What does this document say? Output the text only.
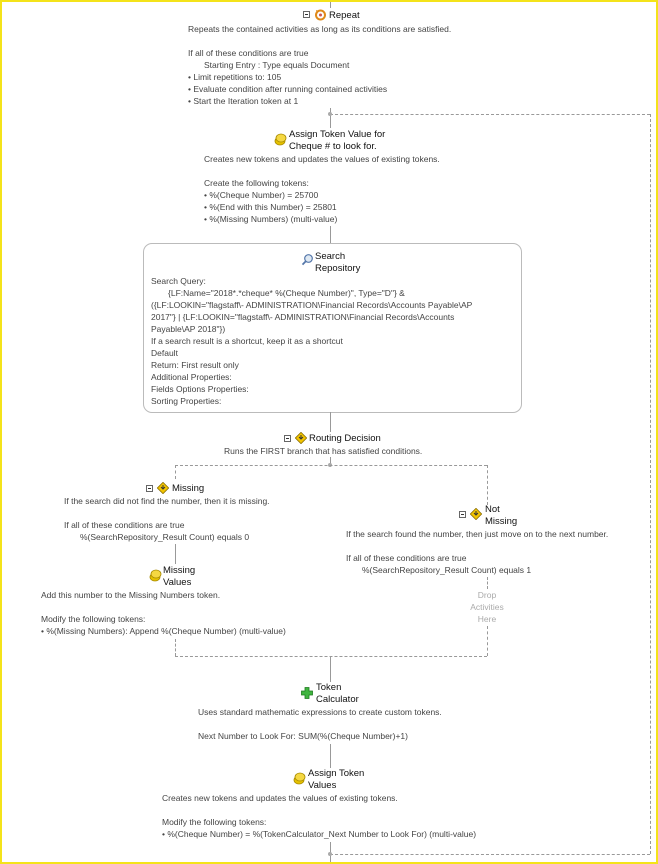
Repeat
Repeats the contained activities as long as its conditions are satisfied.
If all of these conditions are true
Starting Entry : Type equals Document
• Limit repetitions to: 105
• Evaluate condition after running contained activities
• Start the Iteration token at 1
Assign Token Value for
Cheque # to look for.
Creates new tokens and updates the values of existing tokens.
Create the following tokens:
• %(Cheque Number) = 25700
• %(End with this Number) = 25801
• %(Missing Numbers) (multi-value)
Search
Repository
Search Query:
{LF:Name="2018*.*cheque* %(Cheque Number)", Type="D"} &
({LF:LOOKIN="flagstaff\- ADMINISTRATION\Financial Records\Accounts Payable\AP
2017"} | {LF:LOOKIN="flagstaff\- ADMINISTRATION\Financial Records\Accounts
Payable\AP 2018"})
If a search result is a shortcut, keep it as a shortcut
Default
Return: First result only
Additional Properties:
Fields Options Properties:
Sorting Properties:
Routing Decision
Runs the FIRST branch that has satisfied conditions.
Missing
If the search did not find the number, then it is missing.
If all of these conditions are true
%(SearchRepository_Result Count) equals 0
Missing
Values
Add this number to the Missing Numbers token.
Modify the following tokens:
• %(Missing Numbers): Append %(Cheque Number) (multi-value)
Not
Missing
If the search found the number, then just move on to the next number.
If all of these conditions are true
%(SearchRepository_Result Count) equals 1
Drop
Activities
Here
Token
Calculator
Uses standard mathematic expressions to create custom tokens.
Next Number to Look For: SUM(%(Cheque Number)+1)
Assign Token
Values
Creates new tokens and updates the values of existing tokens.
Modify the following tokens:
• %(Cheque Number) = %(TokenCalculator_Next Number to Look For) (multi-value)
